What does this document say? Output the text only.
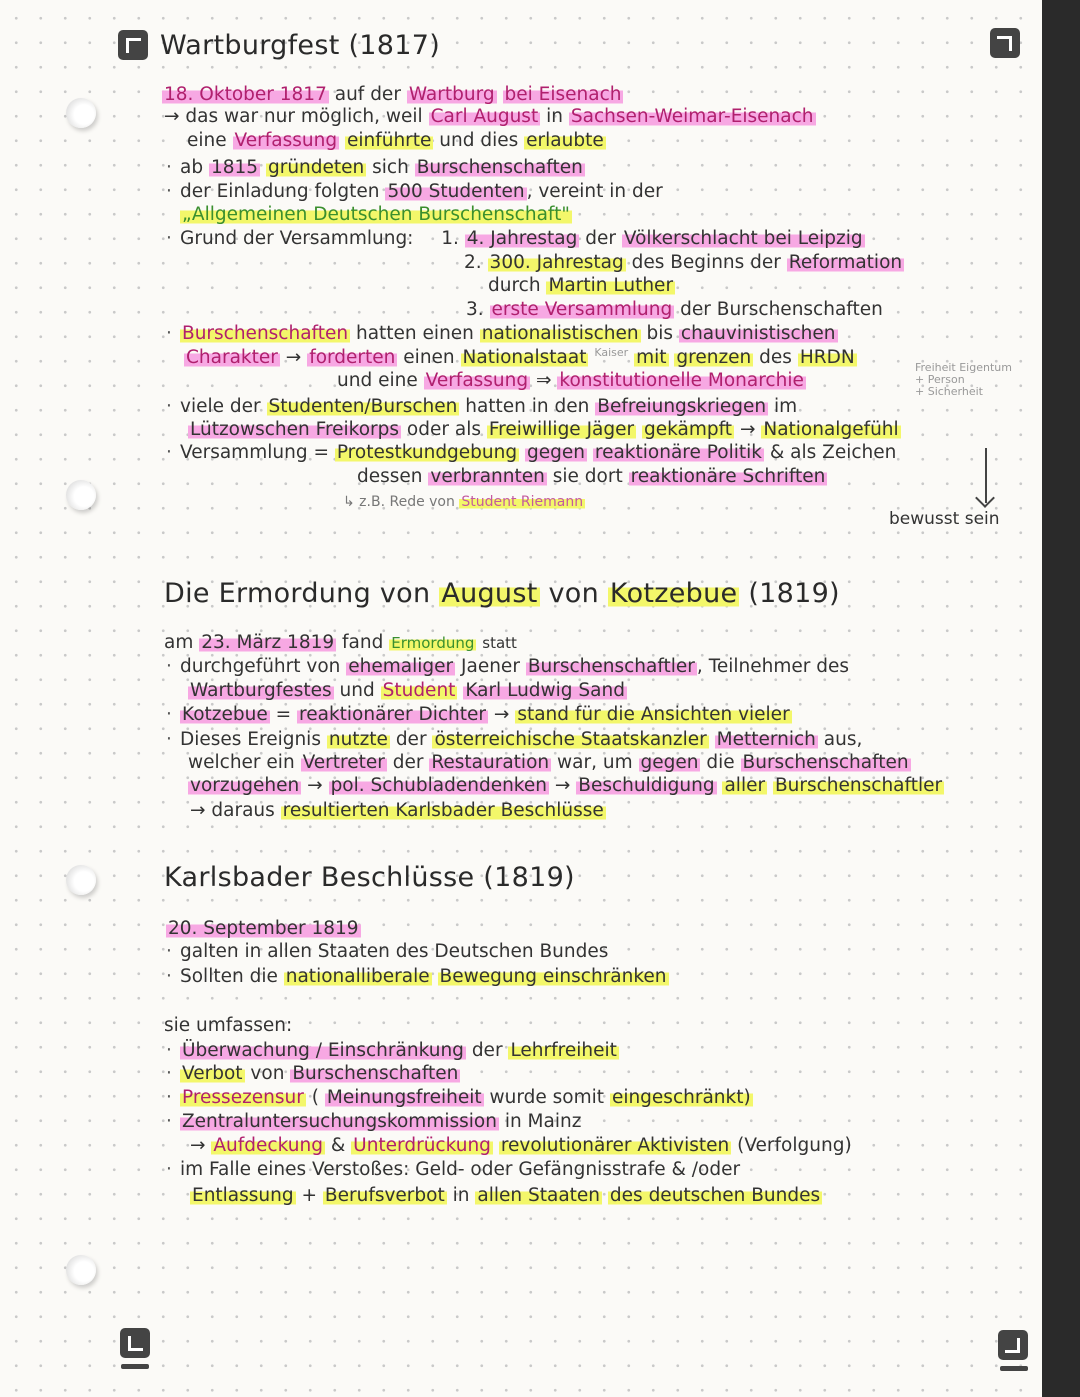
Wartburgfest (1817)
18. Oktober 1817 auf der Wartburg bei Eisenach
→ das war nur möglich, weil Carl August in Sachsen-Weimar-Eisenach
eine Verfassung einführte und dies erlaubte
· ab 1815 gründeten sich Burschenschaften
· der Einladung folgten 500 Studenten , vereint in der
„Allgemeinen Deutschen Burschenschaft"
· Grund der Versammlung: 1. 4. Jahrestag der Völkerschlacht bei Leipzig
2. 300. Jahrestag des Beginns der Reformation
durch Martin Luther
3. erste Versammlung der Burschenschaften
· Burschenschaften hatten einen nationalistischen bis chauvinistischen
Charakter → forderten einen Nationalstaat $^{Kaiser}$ mit grenzen des HRDN
und eine Verfassung ⇒ konstitutionelle Monarchie
Freiheit Eigentum
+ Person
+ Sicherheit
· viele der Studenten/Burschen hatten in den Befreiungskriegen im
Lützowschen Freikorps oder als Freiwillige Jäger gekämpft → Nationalgefühl
· Versammlung = Protestkundgebung gegen reaktionäre Politik & als Zeichen
dessen verbrannten sie dort reaktionäre Schriften
↳ z.B. Rede von Student Riemann
bewusst sein
Die Ermordung von August von Kotzebue (1819)
am 23. März 1819 fand Ermordung statt
· durchgeführt von ehemaliger Jaener Burschenschaftler , Teilnehmer des
Wartburgfestes und Student Karl Ludwig Sand
· Kotzebue = reaktionärer Dichter → stand für die Ansichten vieler
· Dieses Ereignis nutzte der österreichische Staatskanzler Metternich aus,
welcher ein Vertreter der Restauration war, um gegen die Burschenschaften
vorzugehen → pol. Schubladendenken → Beschuldigung aller Burschenschaftler
→ daraus resultierten Karlsbader Beschlüsse
Karlsbader Beschlüsse (1819)
20. September 1819
· galten in allen Staaten des Deutschen Bundes
· Sollten die nationalliberale Bewegung einschränken
sie umfassen:
· Überwachung / Einschränkung der Lehrfreiheit
· Verbot von Burschenschaften
· Pressezensur ( Meinungsfreiheit wurde somit eingeschränkt)
· Zentraluntersuchungskommission in Mainz
→ Aufdeckung & Unterdrückung revolutionärer Aktivisten (Verfolgung)
· im Falle eines Verstoßes: Geld- oder Gefängnisstrafe & /oder
Entlassung + Berufsverbot in allen Staaten des deutschen Bundes
